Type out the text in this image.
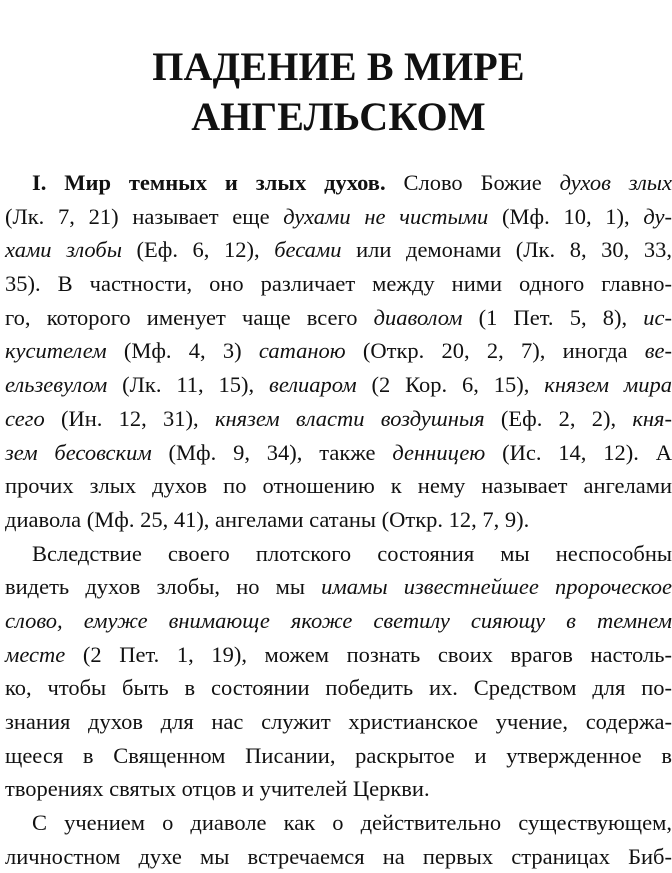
ПАДЕНИЕ В МИРЕ
АНГЕЛЬСКОМ
I. Мир темных и злых духов. Слово Божие духов злых
(Лк. 7, 21) называет еще духами не чистыми (Мф. 10, 1), ду-
хами злобы (Еф. 6, 12), бесами или демонами (Лк. 8, 30, 33,
35). В частности, оно различает между ними одного главно-
го, которого именует чаще всего диаволом (1 Пет. 5, 8), ис-
кусителем (Мф. 4, 3) сатаною (Откр. 20, 2, 7), иногда ве-
ельзевулом (Лк. 11, 15), велиаром (2 Кор. 6, 15), князем мира
сего (Ин. 12, 31), князем власти воздушныя (Еф. 2, 2), кня-
зем бесовским (Мф. 9, 34), также денницею (Ис. 14, 12). А
прочих злых духов по отношению к нему называет ангелами
диавола (Мф. 25, 41), ангелами сатаны (Откр. 12, 7, 9).
Вследствие своего плотского состояния мы неспособны
видеть духов злобы, но мы имамы известнейшее пророческое
слово, емуже внимающе якоже светилу сияющу в темнем
месте (2 Пет. 1, 19), можем познать своих врагов настоль-
ко, чтобы быть в состоянии победить их. Средством для по-
знания духов для нас служит христианское учение, содержа-
щееся в Священном Писании, раскрытое и утвержденное в
творениях святых отцов и учителей Церкви.
С учением о диаволе как о действительно существующем,
личностном духе мы встречаемся на первых страницах Биб-
